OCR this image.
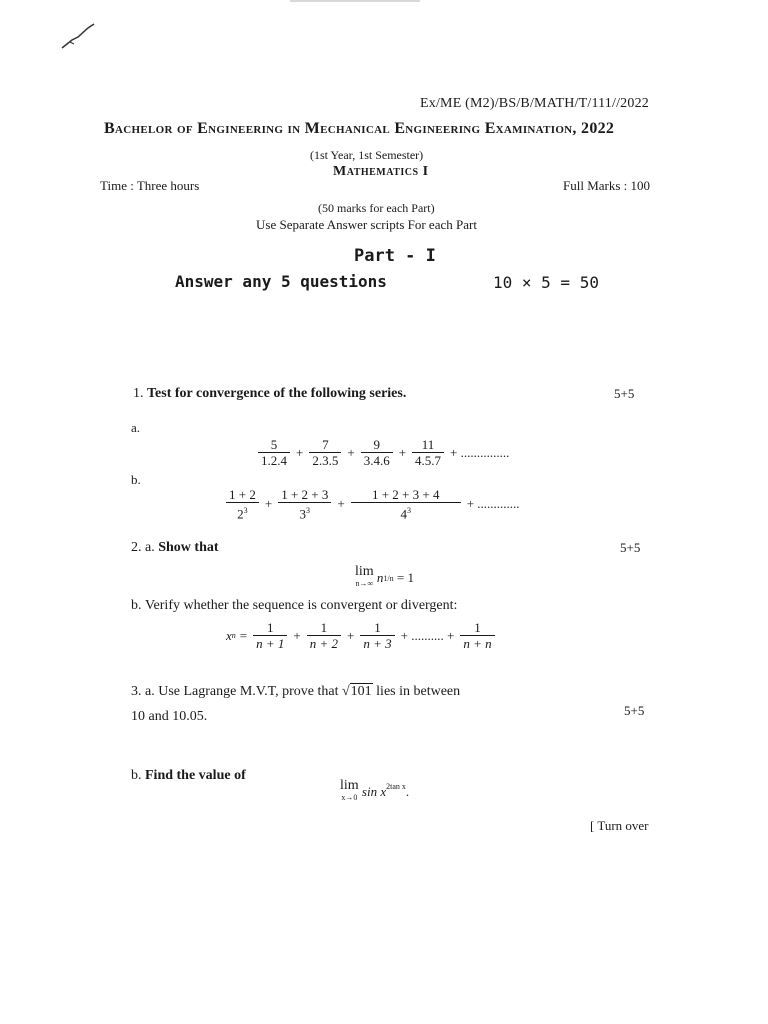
Ex/ME (M2)/BS/B/MATH/T/111//2022
Bachelor of Engineering in Mechanical Engineering Examination, 2022
(1st Year, 1st Semester)
Mathematics I
Time : Three hours	Full Marks : 100
(50 marks for each Part)
Use Separate Answer scripts For each Part
Part - I
Answer any 5 questions	10 × 5 = 50
1.
Test for convergence of the following series.	5+5
a.
$\frac{5}{1.2.4} + \frac{7}{2.3.5} + \frac{9}{3.4.6} + \frac{11}{4.5.7}$ + ...............
b.
$\frac{1 + 2}{2^3} + \frac{1 + 2 + 3}{3^3} + \frac{1 + 2 + 3 + 4}{4^3}$ + .............
2.
a.
Show that	5+5
lim
n→∞
n 1/n
= 1
b.
Verify whether the sequence is convergent or divergent:
x $n = \frac{1}{n + 1} + \frac{1}{n + 2} + \frac{1}{n + 3}$ + .......... + $\frac{1}{n + n}$
3.
a.
Use Lagrange M.V.T, prove that
√101
lies in between
10 and 10.05.	5+5
b.
Find the value of
lim
x→0
$\sin x^{2tan x}$ .
[ Turn over
